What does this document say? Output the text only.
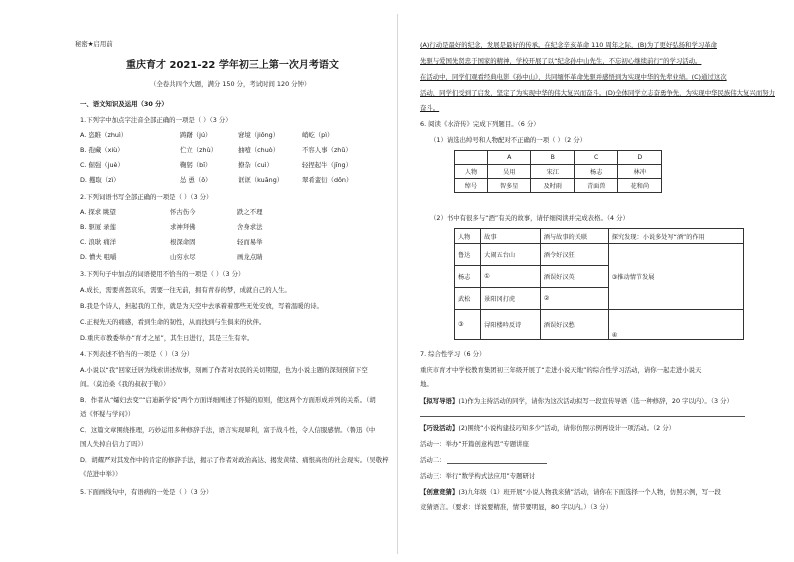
秘密★启用前
重庆育才 2021-22 学年初三上第一次月考语文
（全卷共四个大题，满分 150 分，考试时间 120 分钟）
一、语文知识及运用（30 分）
1.下列字中加点字注音全部正确的一项是（ ）（3 分）
A. 恣睢（zhuì）	踌躇（jú）	窘境（jiǒng）	峭屹（pì）
B. 孢藏（xiù）	伫立（zhù）	抽噎（chuò）	不容人事（zhǔ）
C. 倔强（juè）	鞠躬（bī）	撩杂（cuì）	轻捏起牛（jīng）
D. 攫取（zì）	怂 恿（ǒ）	诓诓（kuāng）	翠肴蛮衍（dōn）
2.下列词语书写全部正确的一项是（ ）（3 分）
A. 探求 眺望	怀古伤今	跌之不理
B. 驱厦 录莲	求神拜佛	舍身求法
C. 浪耿 痛洋	根深命固	轻而易举
D. 懵夫 咀嚼	山穷水尽	画龙点睛
3.下列句子中加点的词语使用不恰当的一项是（ ）（3 分）
A.成长，需要喜怒哀乐，需要一往无前，拥有青春的梦，成就自己的人生。
B.我是个诗人，担起我的工作，就是为天空中去承着着那些无处安放，写着温暖的诗。
C.正视先天的痛感，看到生命的韧性，从而找到与生俱来的伙伴。
D.重庆市教委举办“育才之星”，其生日进行，其是三生有幸。
4.下列表述不恰当的一项是（ ）（3 分）
A.小说以“我”回家迁居为线索讲述故事，刻画了作者对农民的关切期望，也为小说主题的深刻预留下空
间。（莫泊桑《我的叔叔于勒》）
B．作者从“孀妇去变”“启迪新学说”两个方面详细阐述了怀疑的原则，使这两个方面形成并列的关系。（胡
适《怀疑与学问》）
C．这篇文章围绕推理，巧妙运用多种修辞手法，语言实现犀利，富于战斗性，令人信服感情。（鲁迅《中
国人失掉自信力了吗》）
D．胡耀严对其发作中的肯定的修辞手法，揭示了作者对政治高达、揭发黄绪、痛恨高贵的社会现实。（吴敬梓
《范进中举》）
5.下面画线句中，有语病的一处是（ ）（3 分）
(A)行动是最好的纪念，发展是最好的传承。在纪念辛亥革命 110 周年之际，(B)为了更好弘扬和学习革命
先驱与爱国先贤忠于国家的精神，学校开展了以“纪念孙中山先生，不忘初心继续前行”的学习活动。
在活动中，同学们观看经典电影《孙中山》，共同缅怀革命先驱并感悟到为实现中华的先辈业绩。(C)通过这次
活动，同学们受到了启发，坚定了为实现中华的伟大复兴而奋斗。(D)全体同学立志奋勇争先，为实现中华民族伟大复兴而努力
奋斗。
6. 阅读《水浒传》完成下列题目。（6 分）
（1）请选出绰号和人物配对不正确的一项（ ）（2 分）
	A	B	C	D
人物	吴用	宋江	杨志	林冲
绰号	智多星	及时雨	青面兽	花和尚
（2）书中有很多与“酒”有关的故事，请仔细阅读并完成表格。（4 分）
人物	故事	酒与故事的关联	探究发现：小说多处写“酒”的作用
鲁达	大闹五台山	酒令好汉狂	③推动情节发展
杨志	①	酒误好汉英	
武松	景阳冈打虎	②	
③	浔阳楼吟反诗	酒误好汉愁	④
7. 综合性学习（6 分）
重庆市育才中学校教育集团初三年级开展了“走进小说天地”的综合性学习活动，请你一起走进小说天
地。
【拟写导语】(1)作为主持活动的同学，请你为这次活动拟写一段宣传导语（选一种修辞，20 字以内）。（3 分）
【巧设活动】(2)围绕“小说构建技巧知多少”活动，请你仿照示例再设计一项活动。（2 分）
活动一：举办“开篇创意构思”专题讲座
活动二：
活动三：举行“数学构式法应用”专题研讨
【创意竞猜】(3)九年级（1）班开展“小说人物我来猜”活动，请你在下面选择一个人物，仿照示例，写一段
竞猜语言。（要求：详说要精准，情节要明显，80 字以内。）（3 分）
